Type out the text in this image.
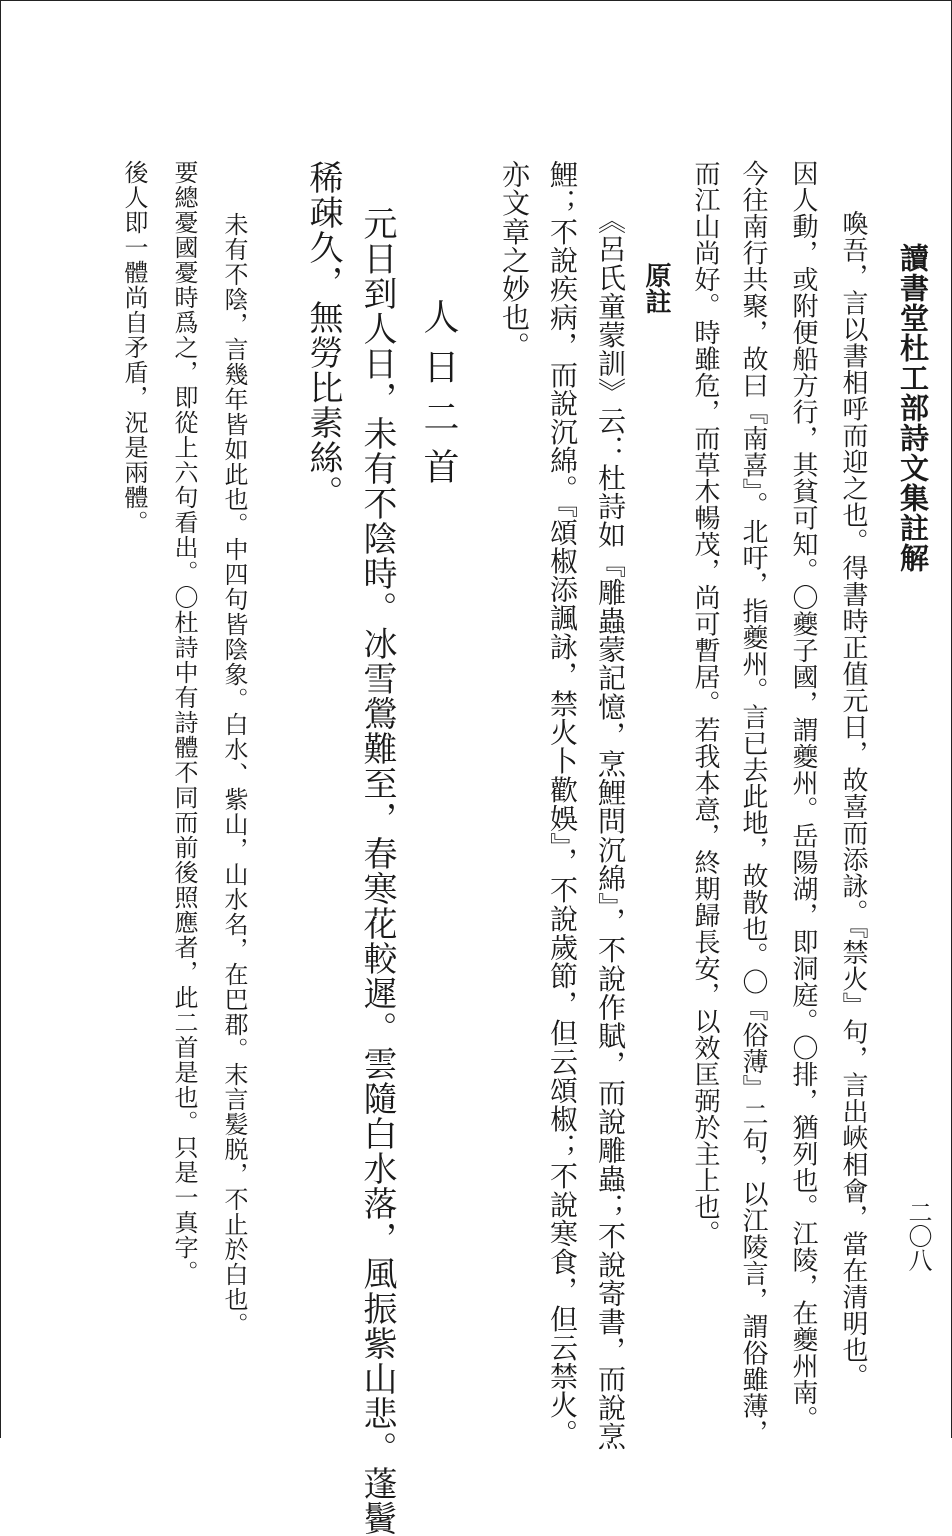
讀書堂杜工部詩文集註解
二〇八
喚吾，言以書相呼而迎之也。得書時正值元日，故喜而添詠。『禁火』句，言出峽相會，當在清明也。
因人動，或附便船方行，其貧可知。〇夔子國，謂夔州。岳陽湖，即洞庭。〇排，猶列也。江陵，在夔州南。
今往南行共聚，故曰『南喜』。北吁，指夔州。言已去此地，故散也。〇『俗薄』二句，以江陵言，謂俗雖薄，
而江山尚好。時雖危，而草木暢茂，尚可暫居。若我本意，終期歸長安，以效匡弼於主上也。
原註
《呂氏童蒙訓》云：杜詩如『雕蟲蒙記憶，烹鯉問沉綿』，不說作賦，而說雕蟲；不說寄書，而說烹
鯉；不說疾病，而說沉綿。『頌椒添諷詠，禁火卜歡娛』，不說歲節，但云頌椒；不說寒食，但云禁火。
亦文章之妙也。
人日二首
元日到人日，未有不陰時。冰雪鶯難至，春寒花較遲。雲隨白水落，風振紫山悲。蓬鬢
稀疎久，無勞比素絲。
未有不陰，言幾年皆如此也。中四句皆陰象。白水、紫山，山水名，在巴郡。末言髪脱，不止於白也。
要總憂國憂時爲之，即從上六句看出。〇杜詩中有詩體不同而前後照應者，此二首是也。只是一真字。
後人即一體尚自矛盾，況是兩體。
